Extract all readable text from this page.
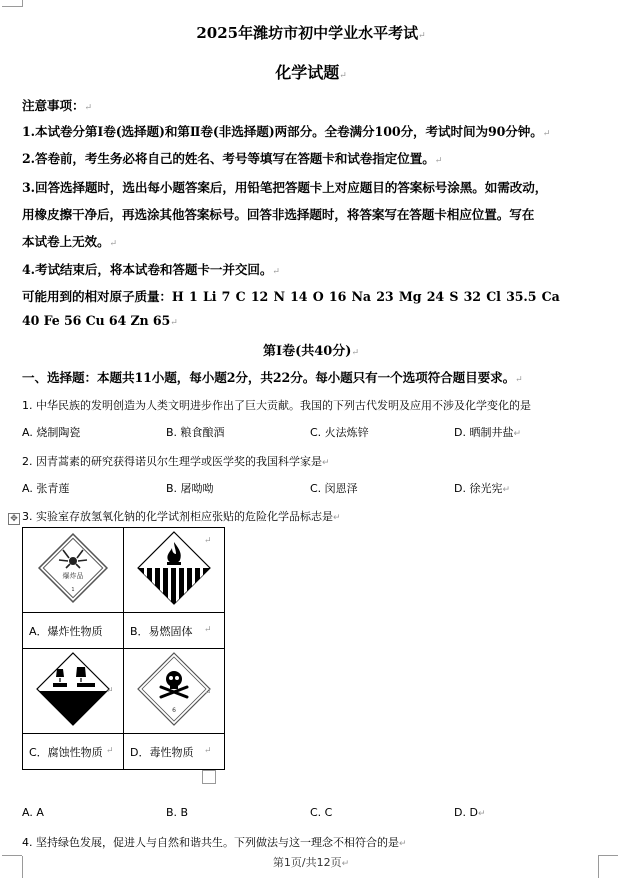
2025年潍坊市初中学业水平考试↵
化学试题↵
注意事项：↵
1.本试卷分第Ⅰ卷(选择题)和第Ⅱ卷(非选择题)两部分。全卷满分100分，考试时间为90分钟。↵
2.答卷前，考生务必将自己的姓名、考号等填写在答题卡和试卷指定位置。↵
3.回答选择题时，选出每小题答案后，用铅笔把答题卡上对应题目的答案标号涂黑。如需改动，
用橡皮擦干净后，再选涂其他答案标号。回答非选择题时，将答案写在答题卡相应位置。写在
本试卷上无效。↵
4.考试结束后，将本试卷和答题卡一并交回。↵
可能用到的相对原子质量：H 1 Li 7 C 12 N 14 O 16 Na 23 Mg 24 S 32 Cl 35.5 Ca
40 Fe 56 Cu 64 Zn 65↵
第Ⅰ卷(共40分)↵
一、选择题：本题共11小题，每小题2分，共22分。每小题只有一个选项符合题目要求。↵
1. 中华民族的发明创造为人类文明进步作出了巨大贡献。我国的下列古代发明及应用不涉及化学变化的是
A. 烧制陶瓷	B. 粮食酿酒	C. 火法炼锌	D. 晒制井盐↵
2. 因青蒿素的研究获得诺贝尔生理学或医学奖的我国科学家是↵
A. 张青莲	B. 屠呦呦	C. 闵恩泽	D. 徐光宪↵
✥ 3. 实验室存放氢氧化钠的化学试剂柜应张贴的危险化学品标志是↵
爆炸品
1

A．爆炸性物质	B．易燃固体

6

C．腐蚀性物质	D．毒性物质
↵
↵
↵
↵
↵
↵
A. A	B. B	C. C	D. D↵
4. 坚持绿色发展，促进人与自然和谐共生。下列做法与这一理念不相符合的是↵
第1页/共12页↵
